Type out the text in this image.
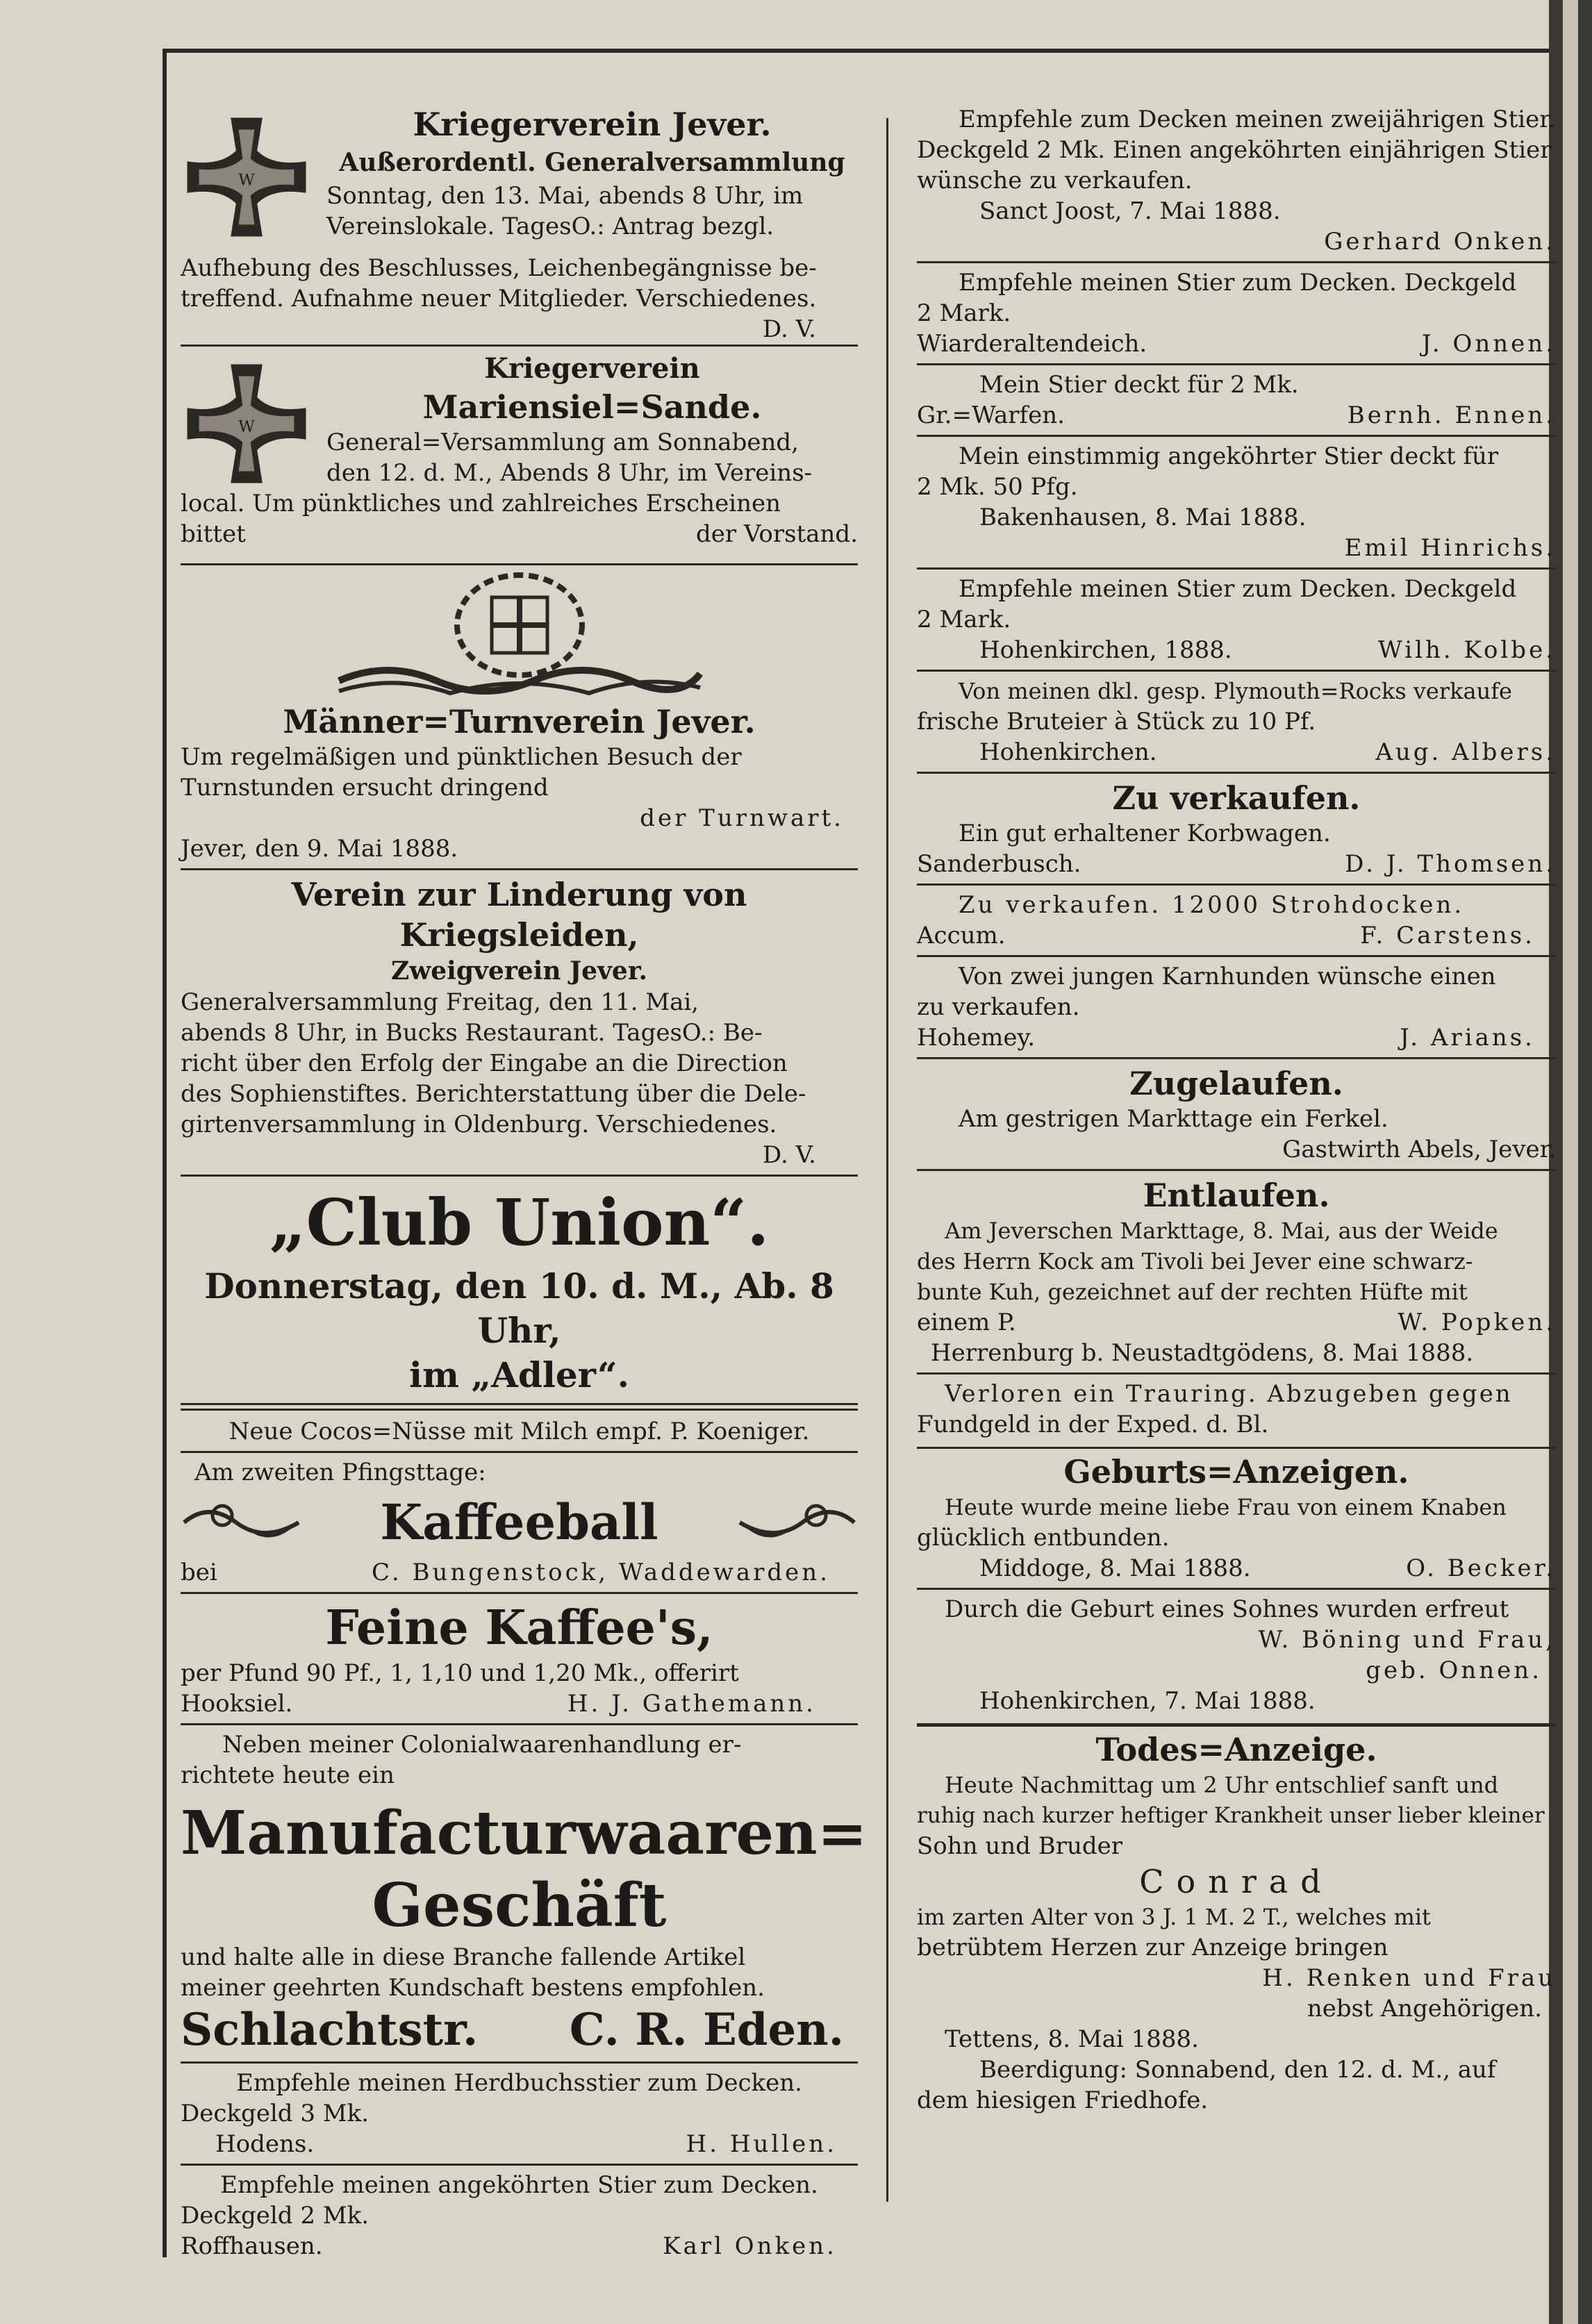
W

Kriegerverein Jever.

Außerordentl. Generalversammlung

Sonntag, den 13. Mai, abends 8 Uhr, im

Vereinslokale. TagesO.: Antrag bezgl.

Aufhebung des Beschlusses, Leichenbegängnisse be-

treffend. Aufnahme neuer Mitglieder. Verschiedenes.

D. V.

W

Kriegerverein

Mariensiel=Sande.

General=Versammlung am Sonnabend,

den 12. d. M., Abends 8 Uhr, im Vereins-

local. Um pünktliches und zahlreiches Erscheinen

bittet	der Vorstand.

Männer=Turnverein Jever.

Um regelmäßigen und pünktlichen Besuch der

Turnstunden ersucht dringend

der Turnwart.

Jever, den 9. Mai 1888.

Verein zur Linderung von Kriegsleiden,

Zweigverein Jever.

Generalversammlung Freitag, den 11. Mai,

abends 8 Uhr, in Bucks Restaurant. TagesO.: Be-

richt über den Erfolg der Eingabe an die Direction

des Sophienstiftes. Berichterstattung über die Dele-

girtenversammlung in Oldenburg. Verschiedenes.

D. V.

„Club Union“.

Donnerstag, den 10. d. M., Ab. 8 Uhr,

im „Adler“.

Neue Cocos=Nüsse mit Milch empf. P. Koeniger.

Am zweiten Pfingsttage:

Kaffeeball
bei	C. Bungenstock, Waddewarden.

Feine Kaffee's,

per Pfund 90 Pf., 1, 1,10 und 1,20 Mk., offerirt

Hooksiel.	H. J. Gathemann.

Neben meiner Colonialwaarenhandlung er-

richtete heute ein

Manufacturwaaren=

Geschäft

und halte alle in diese Branche fallende Artikel

meiner geehrten Kundschaft bestens empfohlen.

Schlachtstr. C. R. Eden.

Empfehle meinen Herdbuchsstier zum Decken.

Deckgeld 3 Mk.

Hodens.	H. Hullen.

Empfehle meinen angeköhrten Stier zum Decken.

Deckgeld 2 Mk.

Roffhausen.	Karl Onken.

Empfehle zum Decken meinen zweijährigen Stier.

Deckgeld 2 Mk. Einen angeköhrten einjährigen Stier

wünsche zu verkaufen.

Sanct Joost, 7. Mai 1888.

Gerhard Onken.

Empfehle meinen Stier zum Decken. Deckgeld

2 Mark.

Wiarderaltendeich.	J. Onnen.

Mein Stier deckt für 2 Mk.

Gr.=Warfen.	Bernh. Ennen.

Mein einstimmig angeköhrter Stier deckt für

2 Mk. 50 Pfg.

Bakenhausen, 8. Mai 1888.

Emil Hinrichs.

Empfehle meinen Stier zum Decken. Deckgeld

2 Mark.

Hohenkirchen, 1888.	Wilh. Kolbe.

Von meinen dkl. gesp. Plymouth=Rocks verkaufe

frische Bruteier à Stück zu 10 Pf.

Hohenkirchen.	Aug. Albers.

Zu verkaufen.

Ein gut erhaltener Korbwagen.

Sanderbusch.	D. J. Thomsen.

Zu verkaufen. 12000 Strohdocken.

Accum.	F. Carstens.

Von zwei jungen Karnhunden wünsche einen

zu verkaufen.

Hohemey.	J. Arians.

Zugelaufen.

Am gestrigen Markttage ein Ferkel.

Gastwirth Abels, Jever.

Entlaufen.

Am Jeverschen Markttage, 8. Mai, aus der Weide

des Herrn Kock am Tivoli bei Jever eine schwarz-

bunte Kuh, gezeichnet auf der rechten Hüfte mit

einem P.	W. Popken.

Herrenburg b. Neustadtgödens, 8. Mai 1888.

Verloren ein Trauring. Abzugeben gegen

Fundgeld in der Exped. d. Bl.

Geburts=Anzeigen.

Heute wurde meine liebe Frau von einem Knaben

glücklich entbunden.

Middoge, 8. Mai 1888.	O. Becker.

Durch die Geburt eines Sohnes wurden erfreut

W. Böning und Frau,

geb. Onnen.

Hohenkirchen, 7. Mai 1888.

Todes=Anzeige.

Heute Nachmittag um 2 Uhr entschlief sanft und

ruhig nach kurzer heftiger Krankheit unser lieber kleiner

Sohn und Bruder

Conrad

im zarten Alter von 3 J. 1 M. 2 T., welches mit

betrübtem Herzen zur Anzeige bringen

H. Renken und Frau

nebst Angehörigen.

Tettens, 8. Mai 1888.

Beerdigung: Sonnabend, den 12. d. M., auf

dem hiesigen Friedhofe.
